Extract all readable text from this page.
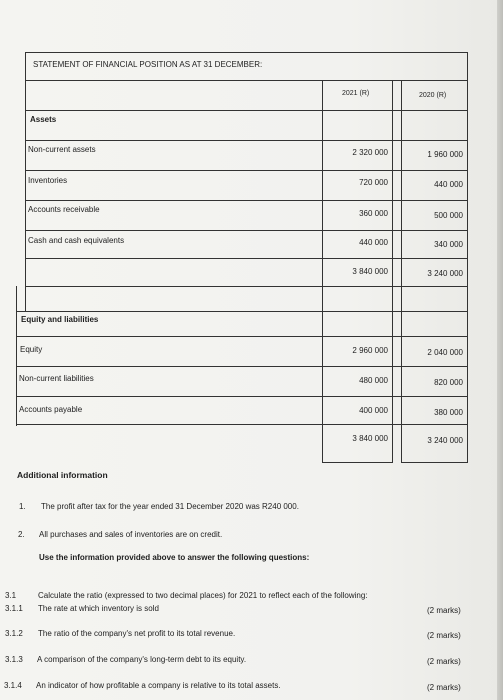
STATEMENT OF FINANCIAL POSITION AS AT 31 DECEMBER:
2021 (R)	2020 (R)
Assets
Non-current assets	2 320 000	1 960 000
Inventories	720 000	440 000
Accounts receivable	360 000	500 000
Cash and cash equivalents	440 000	340 000
3 840 000	3 240 000
Equity and liabilities
Equity	2 960 000	2 040 000
Non-current liabilities	480 000	820 000
Accounts payable	400 000	380 000
3 840 000	3 240 000
Additional information
1. The profit after tax for the year ended 31 December 2020 was R240 000.
2. All purchases and sales of inventories are on credit.
Use the information provided above to answer the following questions:
3.1	Calculate the ratio (expressed to two decimal places) for 2021 to reflect each of the following:
3.1.1 The rate at which inventory is sold	(2 marks)
3.1.2 The ratio of the company's net profit to its total revenue.	(2 marks)
3.1.3 A comparison of the company's long-term debt to its equity.	(2 marks)
3.1.4 An indicator of how profitable a company is relative to its total assets.	(2 marks)
